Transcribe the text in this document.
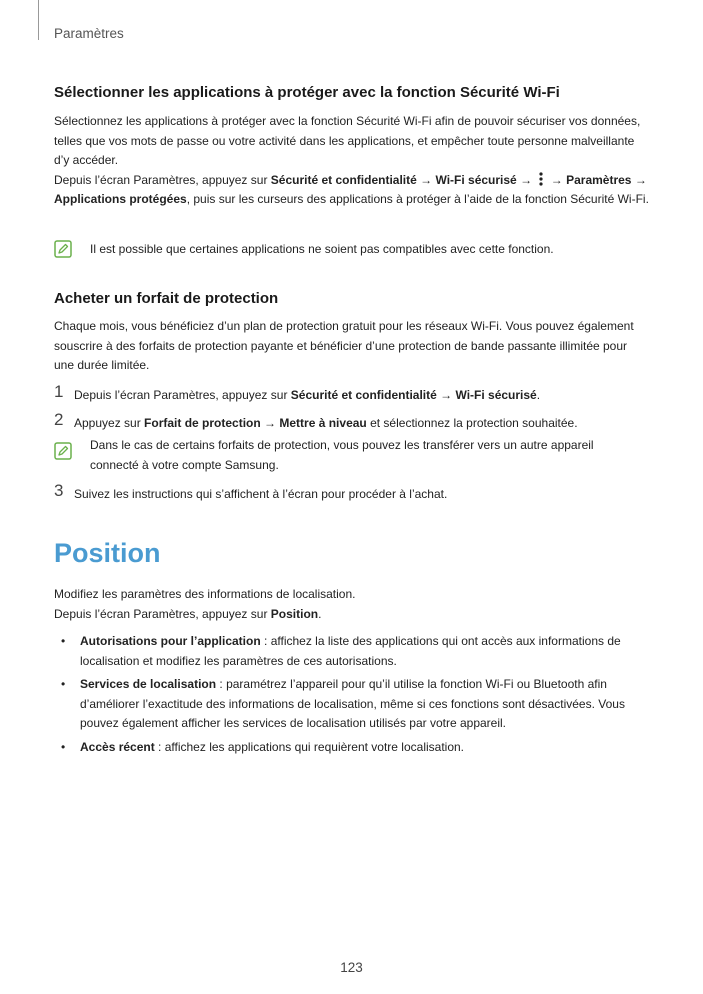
Paramètres
Sélectionner les applications à protéger avec la fonction Sécurité Wi-Fi

Sélectionnez les applications à protéger avec la fonction Sécurité Wi-Fi afin de pouvoir sécuriser vos données, telles que vos mots de passe ou votre activité dans les applications, et empêcher toute personne malveillante d’y accéder.

Depuis l’écran Paramètres, appuyez sur Sécurité et confidentialité → Wi-Fi sécurisé → → Paramètres → Applications protégées, puis sur les curseurs des applications à protéger à l’aide de la fonction Sécurité Wi-Fi.

Il est possible que certaines applications ne soient pas compatibles avec cette fonction.
Acheter un forfait de protection
Chaque mois, vous bénéficiez d’un plan de protection gratuit pour les réseaux Wi-Fi. Vous pouvez également souscrire à des forfaits de protection payante et bénéficier d’une protection de bande passante illimitée pour une durée limitée.
1 Depuis l’écran Paramètres, appuyez sur Sécurité et confidentialité → Wi-Fi sécurisé.
2 Appuyez sur Forfait de protection → Mettre à niveau et sélectionnez la protection souhaitée.
Dans le cas de certains forfaits de protection, vous pouvez les transférer vers un autre appareil connecté à votre compte Samsung.
3 Suivez les instructions qui s’affichent à l’écran pour procéder à l’achat.
Position

Modifiez les paramètres des informations de localisation.

Depuis l’écran Paramètres, appuyez sur Position.

• Autorisations pour l’application : affichez la liste des applications qui ont accès aux informations de localisation et modifiez les paramètres de ces autorisations.
• Services de localisation : paramétrez l’appareil pour qu’il utilise la fonction Wi-Fi ou Bluetooth afin d’améliorer l’exactitude des informations de localisation, même si ces fonctions sont désactivées. Vous pouvez également afficher les services de localisation utilisés par votre appareil.
• Accès récent : affichez les applications qui requièrent votre localisation.
123
